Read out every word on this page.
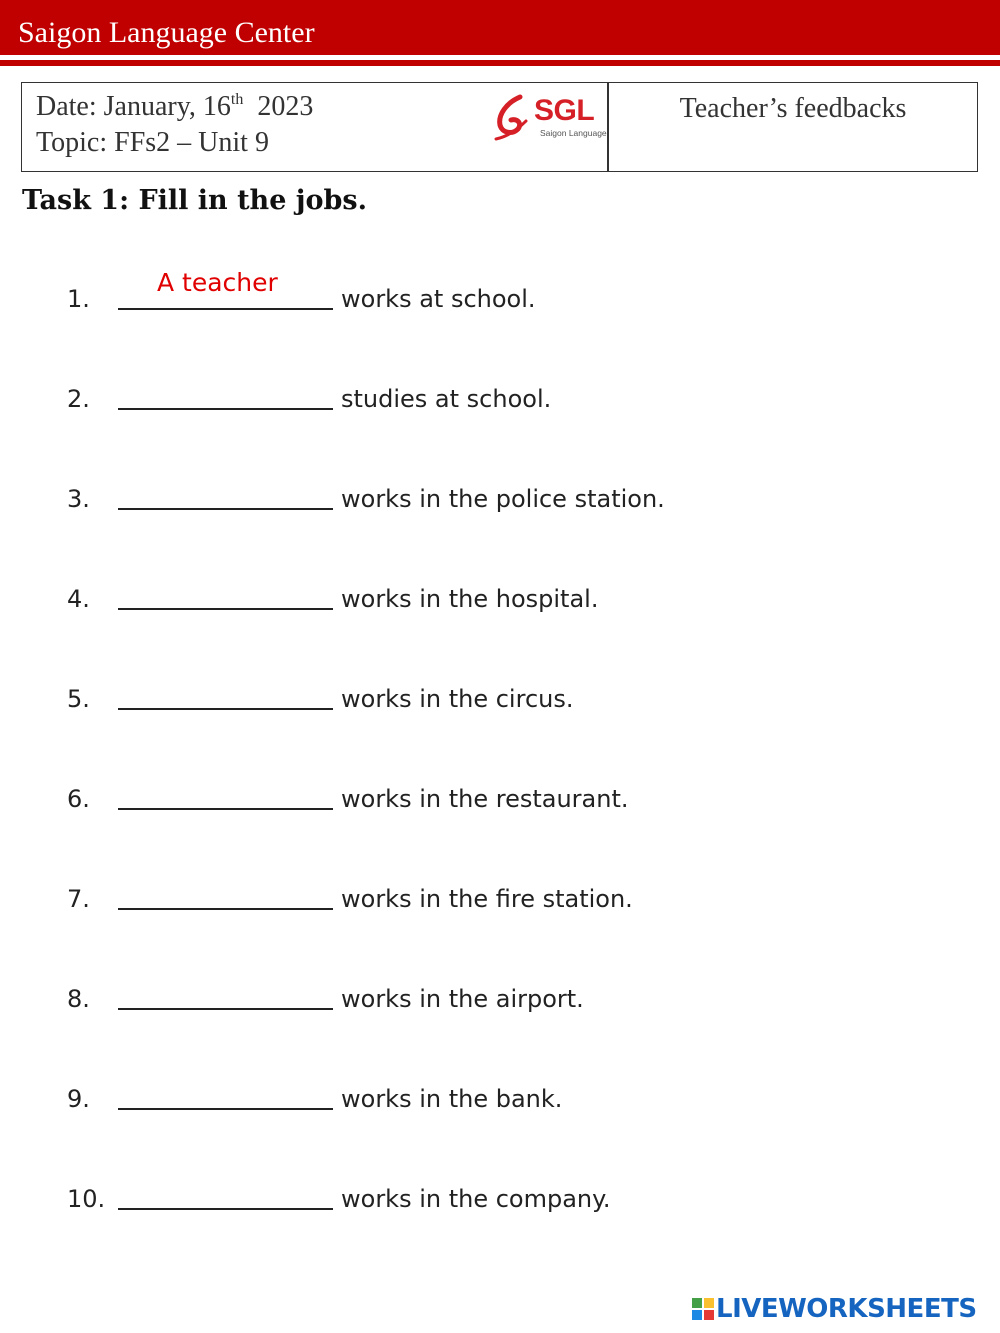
Saigon Language Center
Date: January, 16th 2023
Topic: FFs2 – Unit 9
SGL
Saigon Language
Teacher’s feedbacks
Task 1: Fill in the jobs.
1.	works at school.
2.	studies at school.
3.	works in the police station.
4.	works in the hospital.
5.	works in the circus.
6.	works in the restaurant.
7.	works in the fire station.
8.	works in the airport.
9.	works in the bank.
10.	works in the company.
A teacher
LIVEWORKSHEETS
